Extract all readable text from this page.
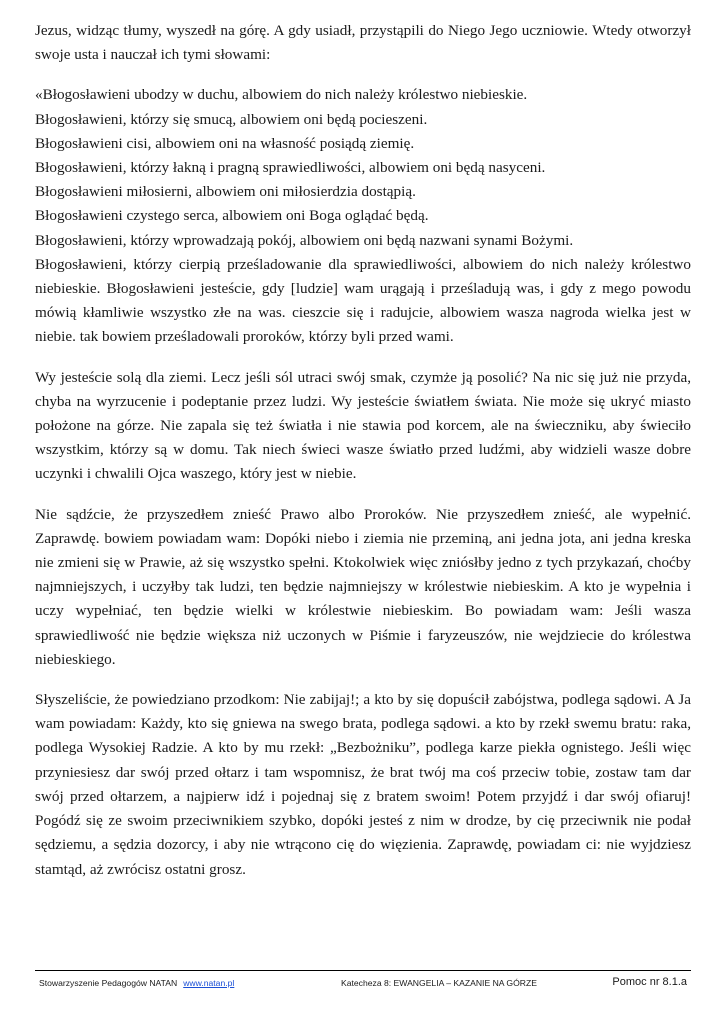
Jezus, widząc tłumy, wyszedł na górę. A gdy usiadł, przystąpili do Niego Jego uczniowie. Wtedy otworzył swoje usta i nauczał ich tymi słowami:

«Błogosławieni ubodzy w duchu, albowiem do nich należy królestwo niebieskie.
Błogosławieni, którzy się smucą, albowiem oni będą pocieszeni.
Błogosławieni cisi, albowiem oni na własność posiądą ziemię.
Błogosławieni, którzy łakną i pragną sprawiedliwości, albowiem oni będą nasyceni.
Błogosławieni miłosierni, albowiem oni miłosierdzia dostąpią.
Błogosławieni czystego serca, albowiem oni Boga oglądać będą.
Błogosławieni, którzy wprowadzają pokój, albowiem oni będą nazwani synami Bożymi.
Błogosławieni, którzy cierpią prześladowanie dla sprawiedliwości, albowiem do nich należy królestwo niebieskie. Błogosławieni jesteście, gdy [ludzie] wam urągają i prześladują was, i gdy z mego powodu mówią kłamliwie wszystko złe na was. cieszcie się i radujcie, albowiem wasza nagroda wielka jest w niebie. tak bowiem prześladowali proroków, którzy byli przed wami.

Wy jesteście solą dla ziemi. Lecz jeśli sól utraci swój smak, czymże ją posolić? Na nic się już nie przyda, chyba na wyrzucenie i podeptanie przez ludzi. Wy jesteście światłem świata. Nie może się ukryć miasto położone na górze. Nie zapala się też światła i nie stawia pod korcem, ale na świeczniku, aby świeciło wszystkim, którzy są w domu. Tak niech świeci wasze światło przed ludźmi, aby widzieli wasze dobre uczynki i chwalili Ojca waszego, który jest w niebie.

Nie sądźcie, że przyszedłem znieść Prawo albo Proroków. Nie przyszedłem znieść, ale wypełnić. Zaprawdę. bowiem powiadam wam: Dopóki niebo i ziemia nie przeminą, ani jedna jota, ani jedna kreska nie zmieni się w Prawie, aż się wszystko spełni. Ktokolwiek więc zniósłby jedno z tych przykazań, choćby najmniejszych, i uczyłby tak ludzi, ten będzie najmniejszy w królestwie niebieskim. A kto je wypełnia i uczy wypełniać, ten będzie wielki w królestwie niebieskim. Bo powiadam wam: Jeśli wasza sprawiedliwość nie będzie większa niż uczonych w Piśmie i faryzeuszów, nie wejdziecie do królestwa niebieskiego.

Słyszeliście, że powiedziano przodkom: Nie zabijaj!; a kto by się dopuścił zabójstwa, podlega sądowi. A Ja wam powiadam: Każdy, kto się gniewa na swego brata, podlega sądowi. a kto by rzekł swemu bratu: raka, podlega Wysokiej Radzie. A kto by mu rzekł: „Bezbożniku”, podlega karze piekła ognistego. Jeśli więc przyniesiesz dar swój przed ołtarz i tam wspomnisz, że brat twój ma coś przeciw tobie, zostaw tam dar swój przed ołtarzem, a najpierw idź i pojednaj się z bratem swoim! Potem przyjdź i dar swój ofiaruj! Pogódź się ze swoim przeciwnikiem szybko, dopóki jesteś z nim w drodze, by cię przeciwnik nie podał sędziemu, a sędzia dozorcy, i aby nie wtrącono cię do więzienia. Zaprawdę, powiadam ci: nie wyjdziesz stamtąd, aż zwrócisz ostatni grosz.

Stowarzyszenie Pedagogów NATAN www.natan.pl	Katecheza 8: EWANGELIA – KAZANIE NA GÓRZE	Pomoc nr 8.1.a
